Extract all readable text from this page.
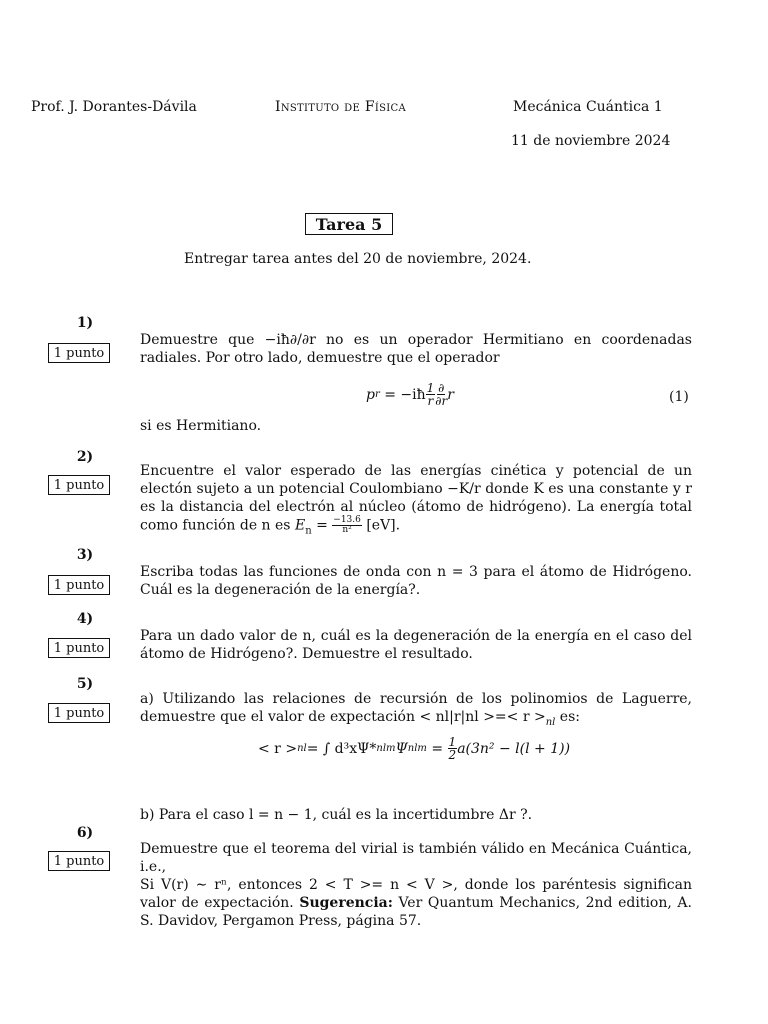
Prof. J. Dorantes-Dávila	Instituto de Física	Mecánica Cuántica 1
11 de noviembre 2024
Tarea 5
Entregar tarea antes del 20 de noviembre, 2024.
1)
1 punto
Demuestre que −iħ∂/∂r no es un operador Hermitiano en coordenadas radiales. Por otro lado, demuestre que el operador
p r
= −iħ $\frac{1}{r} \frac{\partial}{\partial r}$ r	(1)
si es Hermitiano.
2)
1 punto
Encuentre el valor esperado de las energías cinética y potencial de un electón sujeto a un potencial Coulombiano −K/r donde K es una constante y r es la distancia del electrón al núcleo (átomo de hidrógeno). La energía total como función de n es $E_n = \frac{-13.6}{\text{n²}} [eV]$.
3)
1 punto
Escriba todas las funciones de onda con n = 3 para el átomo de Hidrógeno. Cuál es la degeneración de la energía?.
4)
1 punto
Para un dado valor de n, cuál es la degeneración de la energía en el caso del átomo de Hidrógeno?. Demuestre el resultado.
5)
1 punto
a) Utilizando las relaciones de recursión de los polinomios de Laguerre, demuestre que el valor de expectación < nl|r|nl >=< $r >_{nl}$ es:
< r > nl = ∫ d³xΨ* nlm Ψ nlm
=
$\frac{1}{2} a(3n^2 - l(l + 1))$
b) Para el caso l = n − 1, cuál es la incertidumbre Δr ?.
6)
1 punto
Demuestre que el teorema del virial is también válido en Mecánica Cuántica, i.e.,
Si V(r) ∼ rⁿ, entonces 2 < T >= n < V >, donde los paréntesis significan valor de expectación. Sugerencia: Ver Quantum Mechanics, 2nd edition, A. S. Davidov, Pergamon Press, página 57.
